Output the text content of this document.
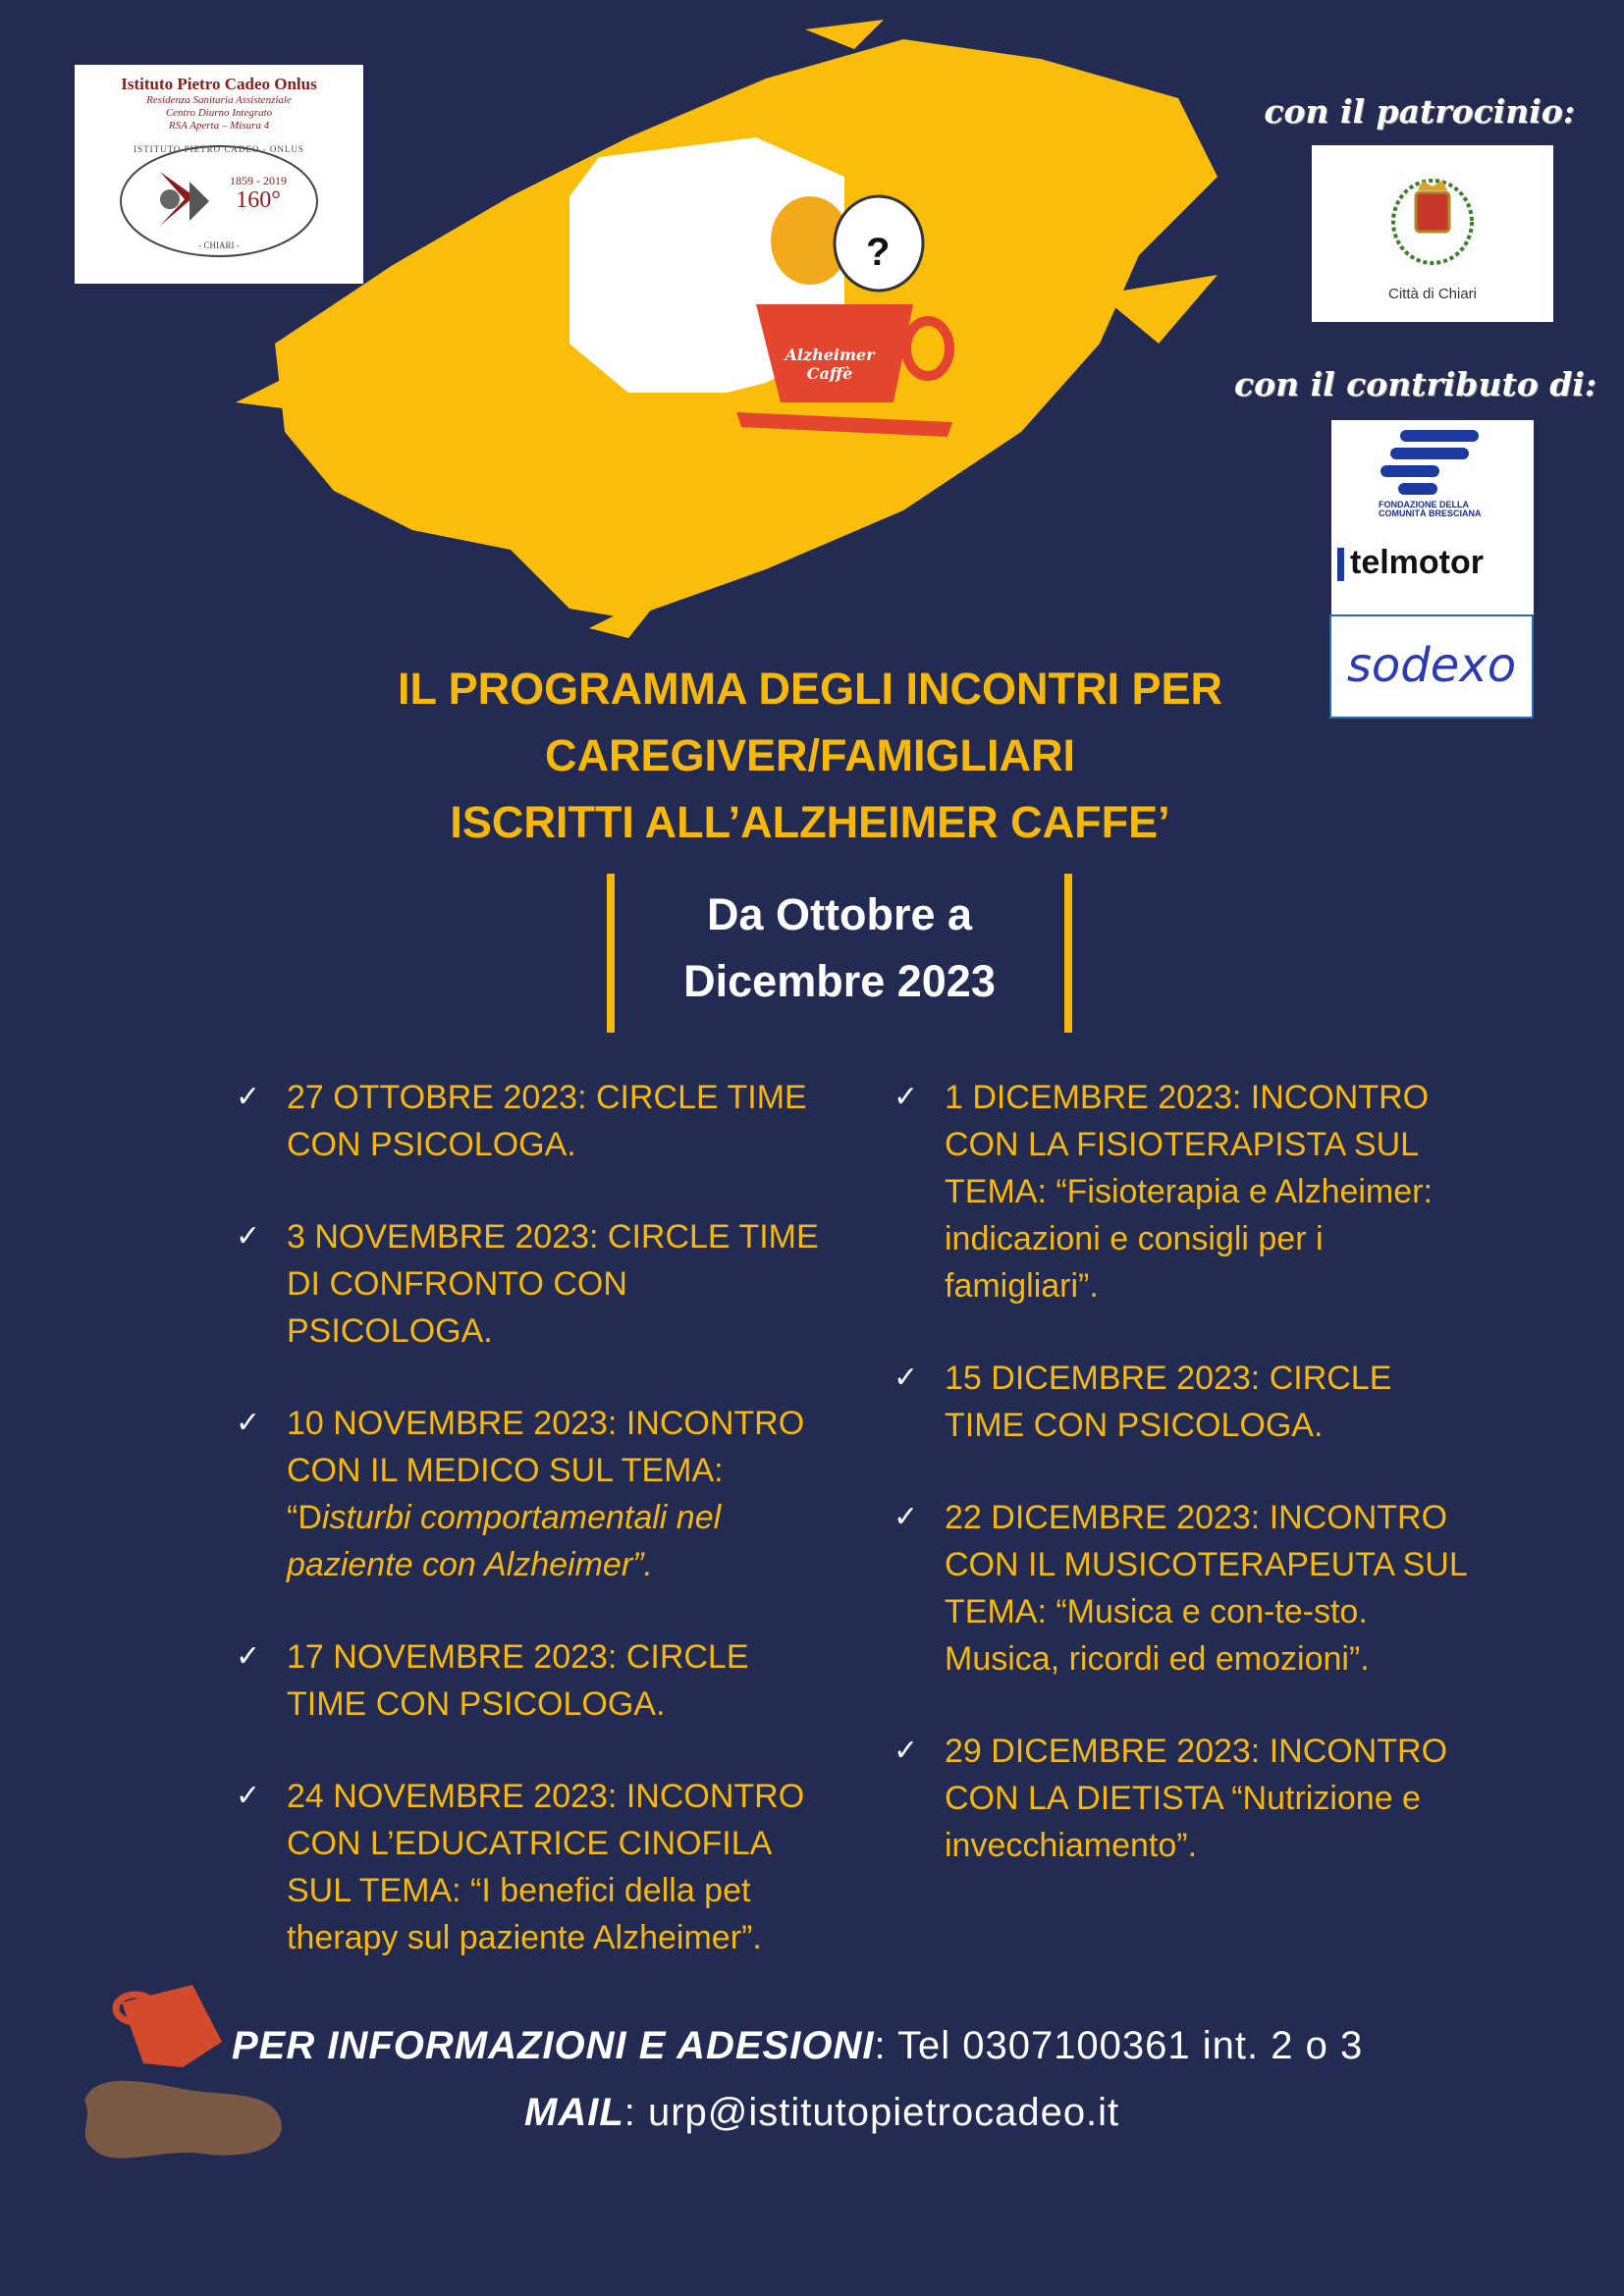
?
Alzheimer Caffè
Istituto Pietro Cadeo Onlus
Residenza Sanitaria Assistenziale
Centro Diurno Integrato
RSA Aperta – Misura 4
ISTITUTO PIETRO CADEO - ONLUS
1859 - 2019
160°
- CHIARI -
con il patrocinio:
Città di Chiari
con il contributo di:
FONDAZIONE DELLA COMUNITÀ BRESCIANA
telmotor
sodexo
IL PROGRAMMA DEGLI INCONTRI PER
CAREGIVER/FAMIGLIARI
ISCRITTI ALL’ALZHEIMER CAFFE’
Da Ottobre a
Dicembre 2023
✓ 27 OTTOBRE 2023: CIRCLE TIME CON PSICOLOGA.
✓ 3 NOVEMBRE 2023: CIRCLE TIME DI CONFRONTO CON PSICOLOGA.
✓ 10 NOVEMBRE 2023: INCONTRO CON IL MEDICO SUL TEMA: “Disturbi comportamentali nel paziente con Alzheimer”.
✓ 17 NOVEMBRE 2023: CIRCLE TIME CON PSICOLOGA.
✓ 24 NOVEMBRE 2023: INCONTRO CON L’EDUCATRICE CINOFILA SUL TEMA: “I benefici della pet therapy sul paziente Alzheimer”.
✓ 1 DICEMBRE 2023: INCONTRO CON LA FISIOTERAPISTA SUL TEMA: “Fisioterapia e Alzheimer: indicazioni e consigli per i famigliari”.
✓ 15 DICEMBRE 2023: CIRCLE TIME CON PSICOLOGA.
✓ 22 DICEMBRE 2023: INCONTRO CON IL MUSICOTERAPEUTA SUL TEMA: “Musica e con-te-sto. Musica, ricordi ed emozioni”.
✓ 29 DICEMBRE 2023: INCONTRO CON LA DIETISTA “Nutrizione e invecchiamento”.
PER INFORMAZIONI E ADESIONI: Tel 0307100361 int. 2 o 3
MAIL: urp@istitutopietrocadeo.it
